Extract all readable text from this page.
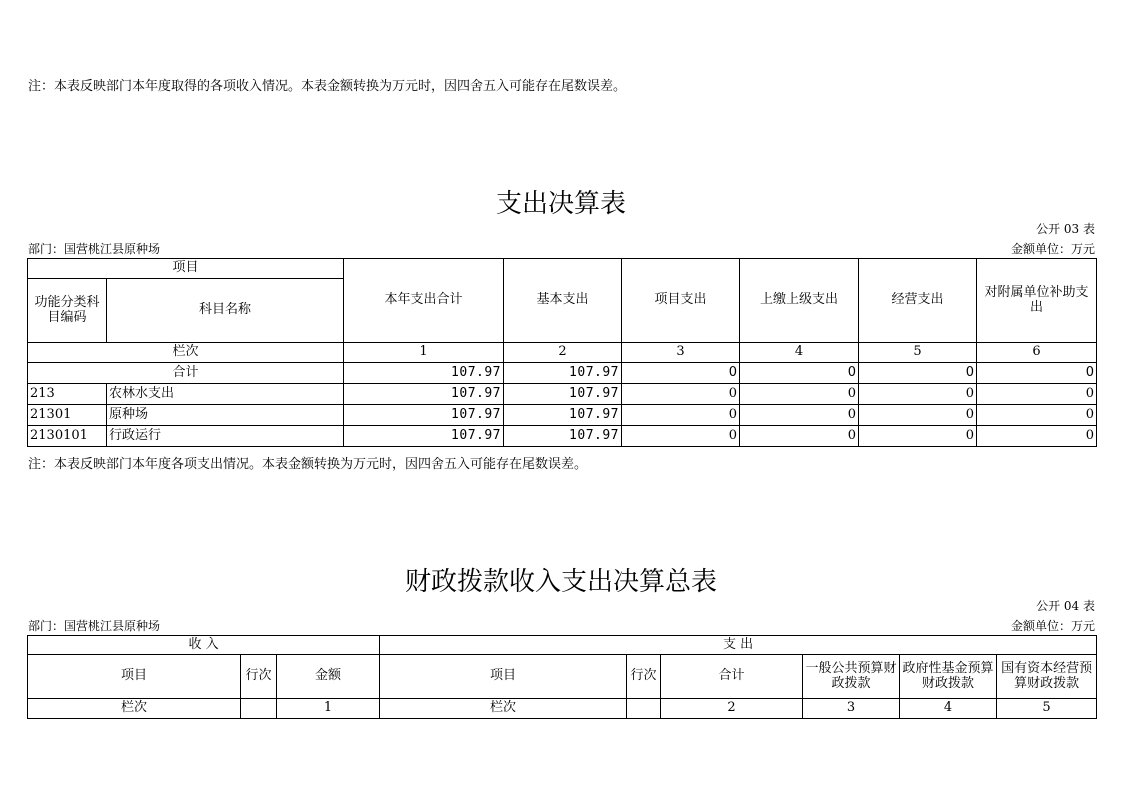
注：本表反映部门本年度取得的各项收入情况。本表金额转换为万元时，因四舍五入可能存在尾数误差。
支出决算表
公开 03 表
部门：国营桃江县原种场	金额单位：万元
项目		本年支出合计	基本支出	项目支出	上缴上级支出	经营支出	对附属单位补助支出
功能分类科目编码	科目名称						
栏次		1	2	3	4	5	6
合计		107.97	107.97	0	0	0	0
213	农林水支出	107.97	107.97	0	0	0	0
21301	原种场	107.97	107.97	0	0	0	0
2130101	行政运行	107.97	107.97	0	0	0	0
注：本表反映部门本年度各项支出情况。本表金额转换为万元时，因四舍五入可能存在尾数误差。
财政拨款收入支出决算总表
公开 04 表
部门：国营桃江县原种场	金额单位：万元
收 入			支 出					
项目	行次	金额	项目	行次	合计	一般公共预算财政拨款	政府性基金预算财政拨款	国有资本经营预算财政拨款
栏次		1	栏次		2	3	4	5
